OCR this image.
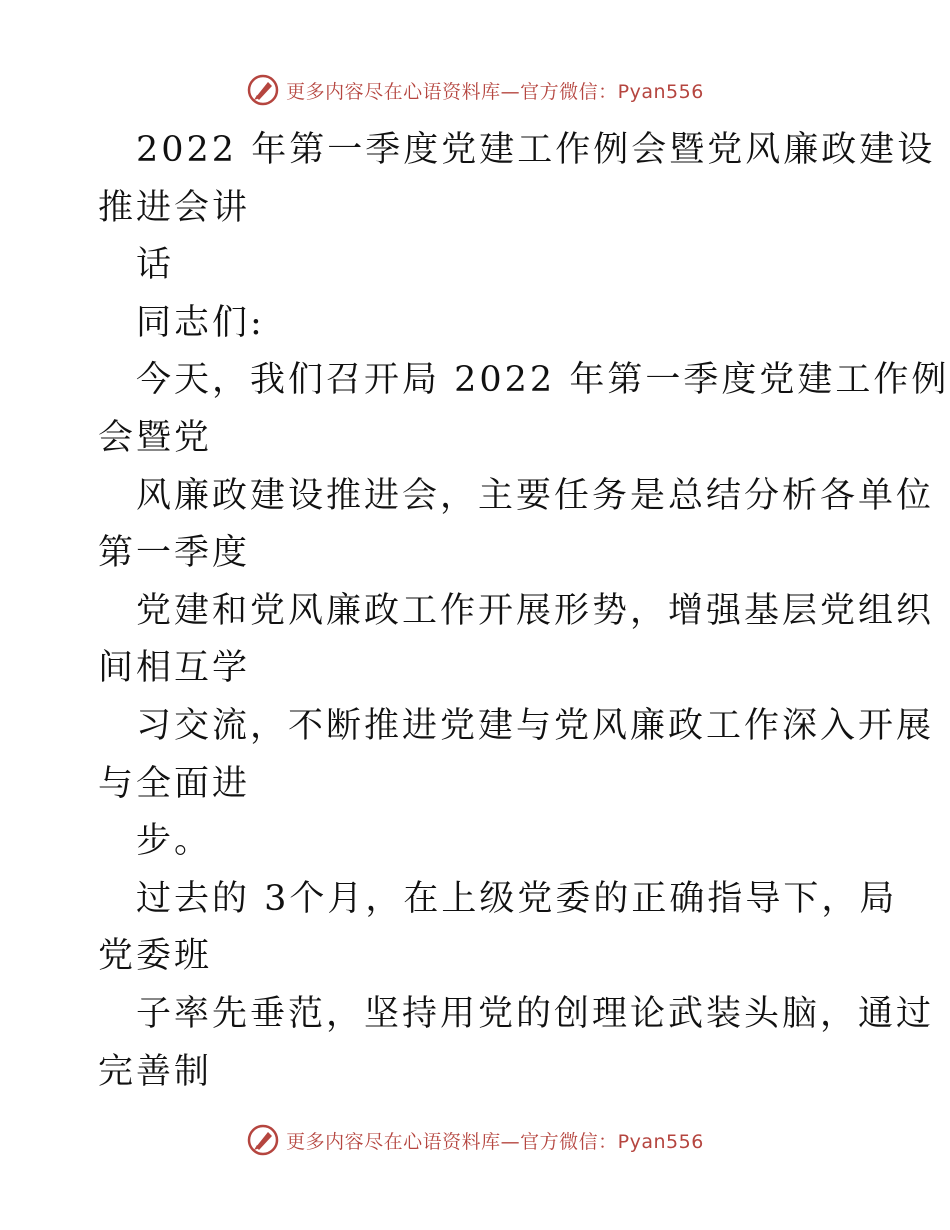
更多内容尽在心语资料库—官方微信：Pyan556
2022 年第一季度党建工作例会暨党风廉政建设
推进会讲
话
同志们:
今天，我们召开局 2022 年第一季度党建工作例
会暨党
风廉政建设推进会，主要任务是总结分析各单位
第一季度
党建和党风廉政工作开展形势，增强基层党组织
间相互学
习交流，不断推进党建与党风廉政工作深入开展
与全面进
步。
过去的 3个月，在上级党委的正确指导下，局
党委班
子率先垂范，坚持用党的创理论武装头脑，通过
完善制
更多内容尽在心语资料库—官方微信：Pyan556
